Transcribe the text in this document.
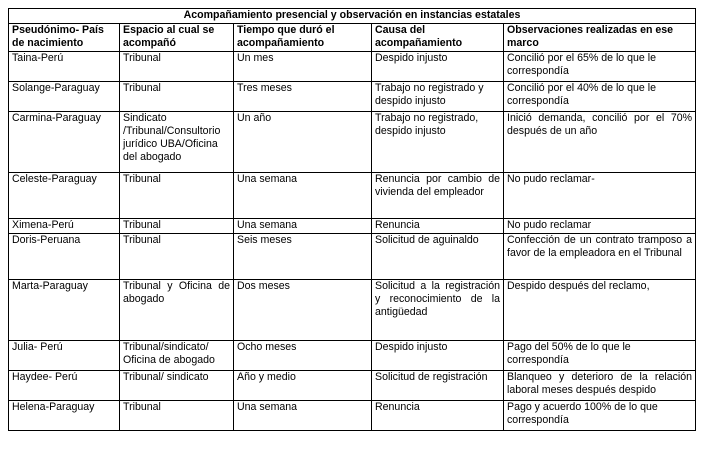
Acompañamiento presencial y observación en instancias estatales				
Pseudónimo- País de nacimiento	Espacio al cual se acompañó	Tiempo que duró el acompañamiento	Causa del acompañamiento	Observaciones realizadas en ese marco
Taina-Perú	Tribunal	Un mes	Despido injusto	Concilió por el 65% de lo que le correspondía
Solange-Paraguay	Tribunal	Tres meses	Trabajo no registrado y despido injusto	Concilió por el 40% de lo que le correspondía
Carmina-Paraguay	Sindicato /Tribunal/Consultorio jurídico UBA/Oficina del abogado	Un año	Trabajo no registrado, despido injusto	Inició demanda, concilió por el 70% después de un año
Celeste-Paraguay	Tribunal	Una semana	Renuncia por cambio de vivienda del empleador	No pudo reclamar-
Ximena-Perú	Tribunal	Una semana	Renuncia	No pudo reclamar
Doris-Peruana	Tribunal	Seis meses	Solicitud de aguinaldo	Confección de un contrato tramposo a favor de la empleadora en el Tribunal
Marta-Paraguay	Tribunal y Oficina de abogado	Dos meses	Solicitud a la registración y reconocimiento de la antigüedad	Despido después del reclamo,
Julia- Perú	Tribunal/sindicato/ Oficina de abogado	Ocho meses	Despido injusto	Pago del 50% de lo que le correspondía
Haydee- Perú	Tribunal/ sindicato	Año y medio	Solicitud de registración	Blanqueo y deterioro de la relación laboral meses después despido
Helena-Paraguay	Tribunal	Una semana	Renuncia	Pago y acuerdo 100% de lo que correspondía
